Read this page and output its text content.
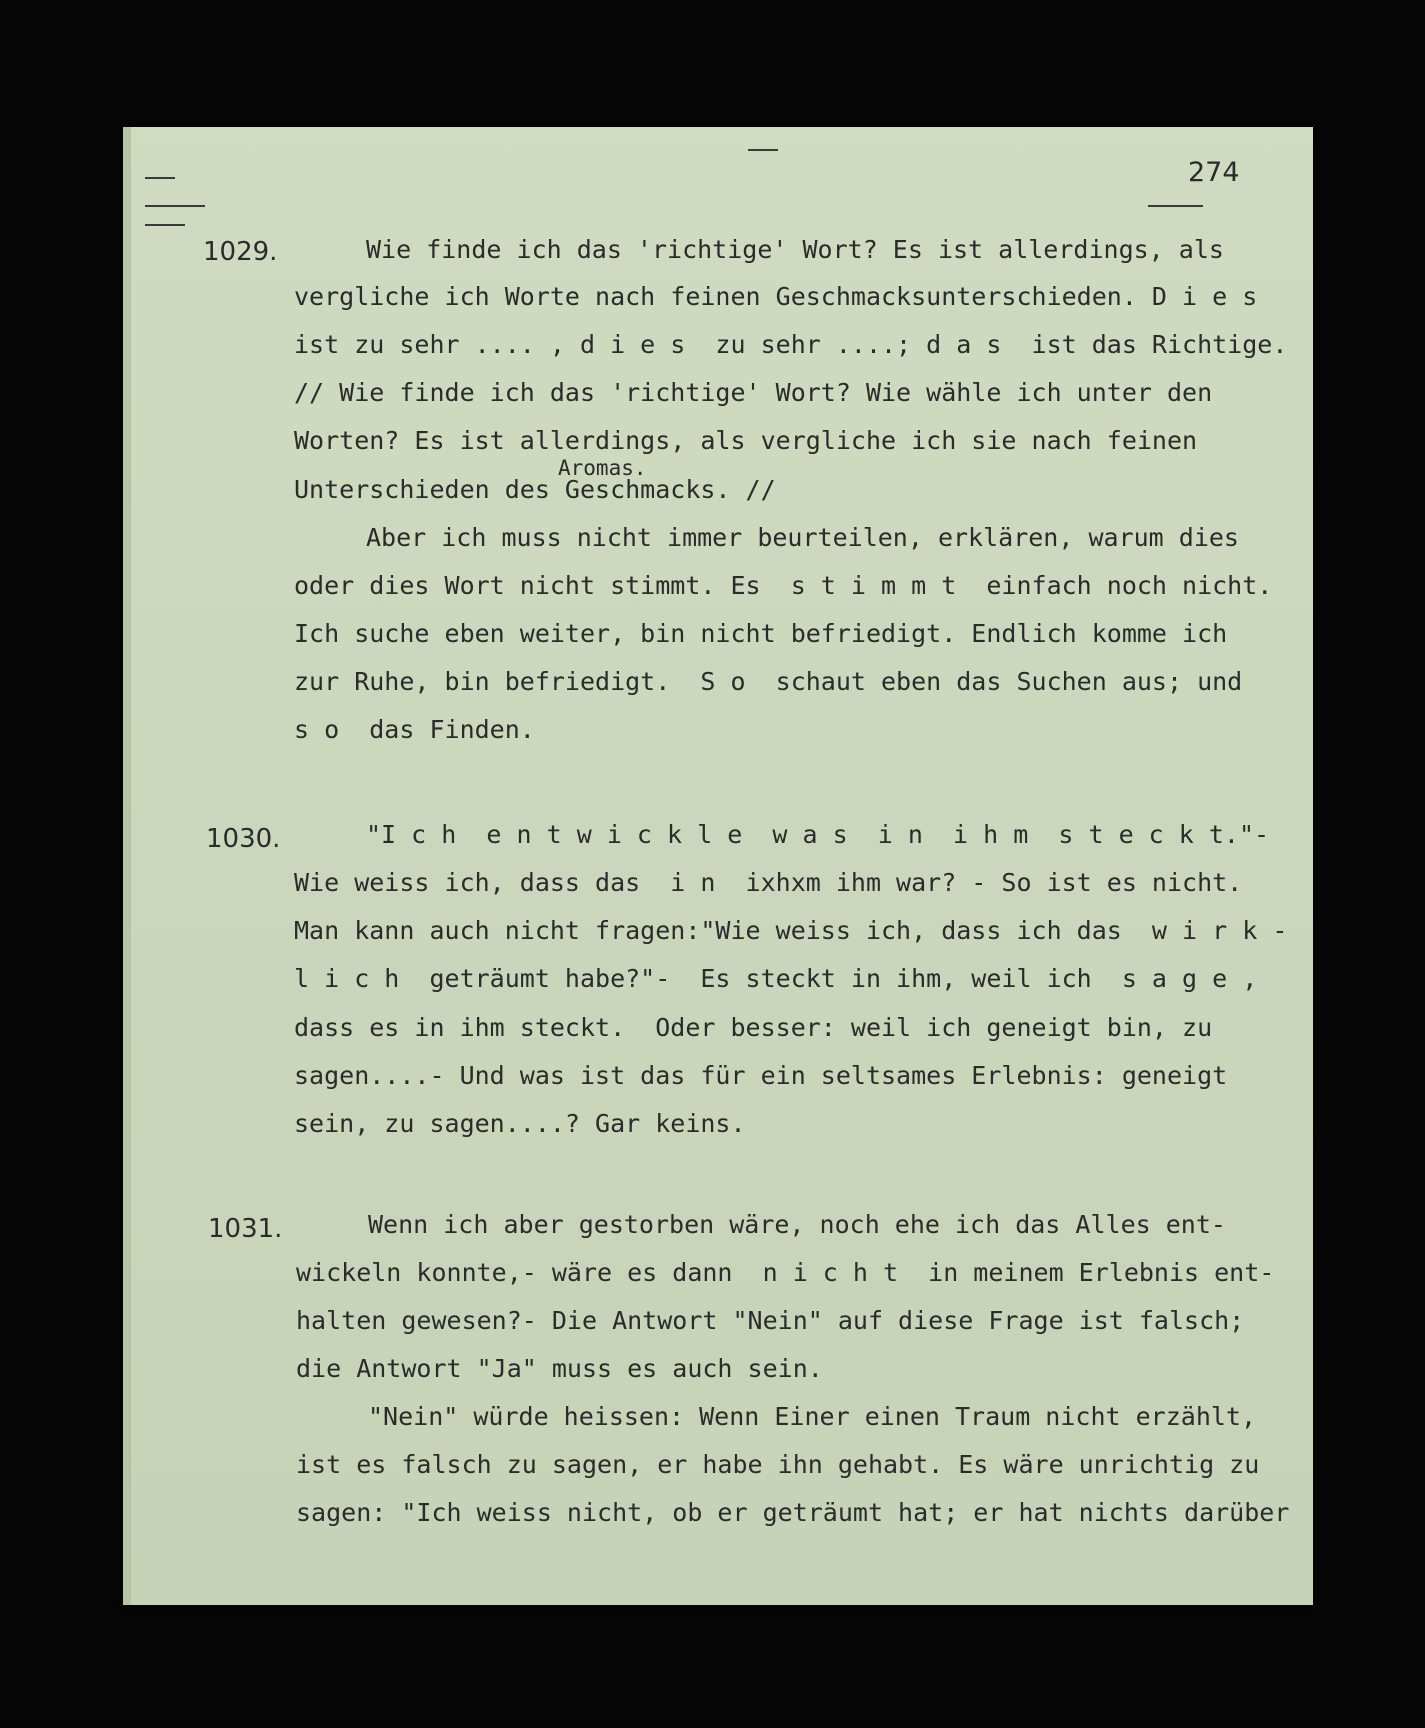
274
1029.	Wie finde ich das 'richtige' Wort? Es ist allerdings, als
vergliche ich Worte nach feinen Geschmacksunterschieden. D i e s
ist zu sehr .... , d i e s  zu sehr ....; d a s  ist das Richtige.
// Wie finde ich das 'richtige' Wort? Wie wähle ich unter den
Worten? Es ist allerdings, als vergliche ich sie nach feinen
Aromas.
Unterschieden des Geschmacks. //
Aber ich muss nicht immer beurteilen, erklären, warum dies
oder dies Wort nicht stimmt. Es  s t i m m t  einfach noch nicht.
Ich suche eben weiter, bin nicht befriedigt. Endlich komme ich
zur Ruhe, bin befriedigt.  S o  schaut eben das Suchen aus; und
s o  das Finden.
1030.	"I c h  e n t w i c k l e  w a s  i n  i h m  s t e c k t."-
Wie weiss ich, dass das  i n  ixhxm ihm war? - So ist es nicht.
Man kann auch nicht fragen:"Wie weiss ich, dass ich das  w i r k -
l i c h  geträumt habe?"-  Es steckt in ihm, weil ich  s a g e ,
dass es in ihm steckt.  Oder besser: weil ich geneigt bin, zu
sagen....- Und was ist das für ein seltsames Erlebnis: geneigt
sein, zu sagen....? Gar keins.
1031.	Wenn ich aber gestorben wäre, noch ehe ich das Alles ent-
wickeln konnte,- wäre es dann  n i c h t  in meinem Erlebnis ent-
halten gewesen?- Die Antwort "Nein" auf diese Frage ist falsch;
die Antwort "Ja" muss es auch sein.
"Nein" würde heissen: Wenn Einer einen Traum nicht erzählt,
ist es falsch zu sagen, er habe ihn gehabt. Es wäre unrichtig zu
sagen: "Ich weiss nicht, ob er geträumt hat; er hat nichts darüber
